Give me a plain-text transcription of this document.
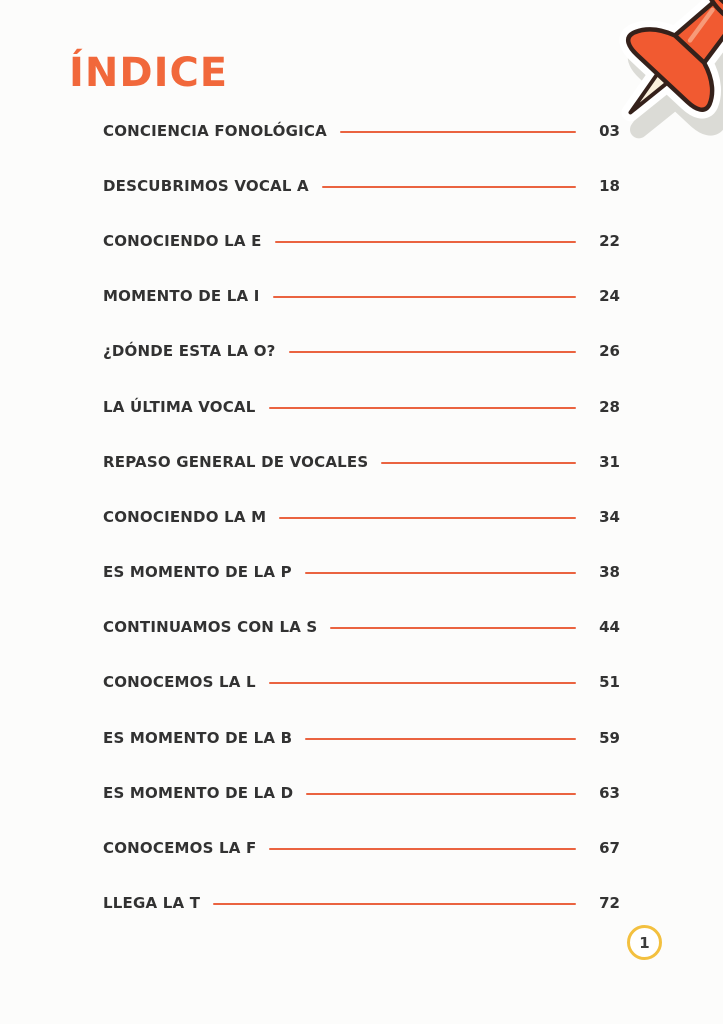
ÍNDICE
CONCIENCIA FONOLÓGICA	03
DESCUBRIMOS VOCAL A	18
CONOCIENDO LA E	22
MOMENTO DE LA I	24
¿DÓNDE ESTA LA O?	26
LA ÚLTIMA VOCAL	28
REPASO GENERAL DE VOCALES	31
CONOCIENDO LA M	34
ES MOMENTO DE LA P	38
CONTINUAMOS CON LA S	44
CONOCEMOS LA L	51
ES MOMENTO DE LA B	59
ES MOMENTO DE LA D	63
CONOCEMOS LA F	67
LLEGA LA T	72
1
